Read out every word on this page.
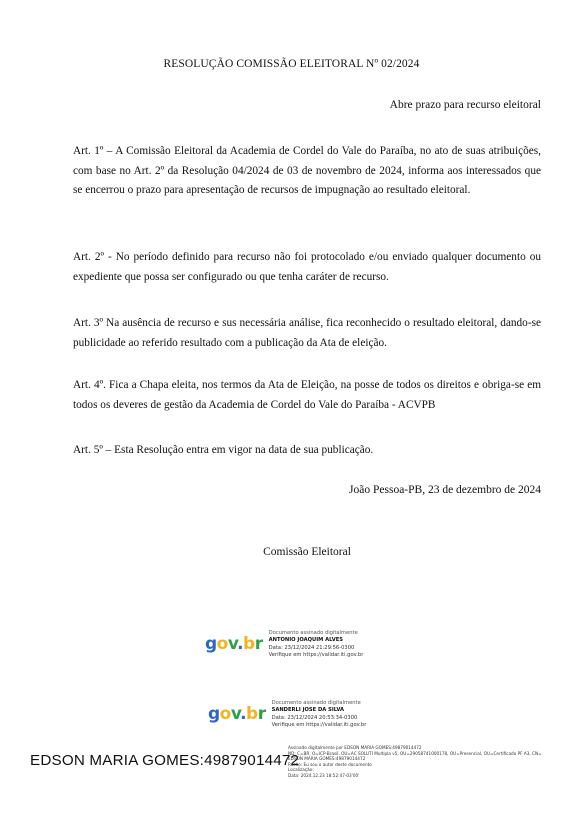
RESOLUÇÃO COMISSÃO ELEITORAL Nº 02/2024
Abre prazo para recurso eleitoral

Art. 1º – A Comissão Eleitoral da Academia de Cordel do Vale do Paraíba, no ato de suas atribuições, com base no Art. 2º da Resolução 04/2024 de 03 de novembro de 2024, informa aos interessados que se encerrou o prazo para apresentação de recursos de impugnação ao resultado eleitoral.

Art. 2º - No período definido para recurso não foi protocolado e/ou enviado qualquer documento ou expediente que possa ser configurado ou que tenha caráter de recurso.

Art. 3º Na ausência de recurso e sus necessária análise, fica reconhecido o resultado eleitoral, dando-se publicidade ao referido resultado com a publicação da Ata de eleição.

Art. 4º. Fica a Chapa eleita, nos termos da Ata de Eleição, na posse de todos os direitos e obriga-se em todos os deveres de gestão da Academia de Cordel do Vale do Paraíba - ACVPB

Art. 5º – Esta Resolução entra em vigor na data de sua publicação.

João Pessoa-PB, 23 de dezembro de 2024
Comissão Eleitoral
gov.br
Documento assinado digitalmente
ANTONIO JOAQUIM ALVES
Data: 23/12/2024 21:29:56-0300
Verifique em https://validar.iti.gov.br
gov.br
Documento assinado digitalmente
SANDERLI JOSE DA SILVA
Data: 23/12/2024 20:53:34-0300
Verifique em https://validar.iti.gov.br
EDSON MARIA GOMES:49879014472
Assinado digitalmente por EDSON MARIA GOMES:49879014472
ND: C=BR, O=ICP-Brasil, OU=AC SOLUTI Multipla v5, OU=29058741000178, OU=Presencial, OU=Certificado PF A3, CN=
EDSON MARIA GOMES:49879014472
Razão: Eu sou o autor deste documento
Localização:
Data: 2024.12.23 18:52:47-03'00'
